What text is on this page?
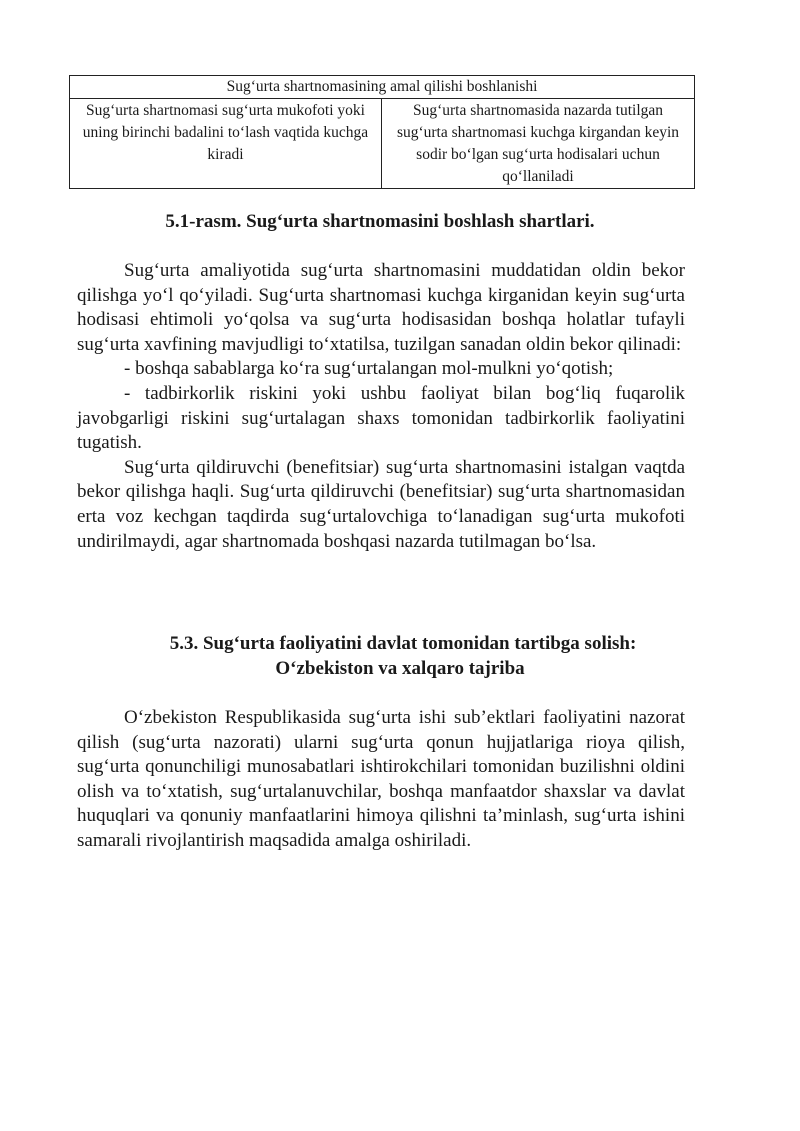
Sug‘urta shartnomasining amal qilishi boshlanishi
Sug‘urta shartnomasi sug‘urta mukofoti yoki uning birinchi badalini to‘lash vaqtida kuchga kiradi	Sug‘urta shartnomasida nazarda tutilgan sug‘urta shartnomasi kuchga kirgandan keyin sodir bo‘lgan sug‘urta hodisalari uchun qo‘llaniladi
5.1-rasm. Sug‘urta shartnomasini boshlash shartlari.

Sug‘urta amaliyotida sug‘urta shartnomasini muddatidan oldin bekor qilishga yo‘l qo‘yiladi. Sug‘urta shartnomasi kuchga kirganidan keyin sug‘urta hodisasi ehtimoli yo‘qolsa va sug‘urta hodisasidan boshqa holatlar tufayli sug‘urta xavfining mavjudligi to‘xtatilsa, tuzilgan sanadan oldin bekor qilinadi:

- boshqa sabablarga ko‘ra sug‘urtalangan mol-mulkni yo‘qotish;

- tadbirkorlik riskini yoki ushbu faoliyat bilan bog‘liq fuqarolik javobgarligi riskini sug‘urtalagan shaxs tomonidan tadbirkorlik faoliyatini tugatish.

Sug‘urta qildiruvchi (benefitsiar) sug‘urta shartnomasini istalgan vaqtda bekor qilishga haqli. Sug‘urta qildiruvchi (benefitsiar) sug‘urta shartnomasidan erta voz kechgan taqdirda sug‘urtalovchiga to‘lanadigan sug‘urta mukofoti undirilmaydi, agar shartnomada boshqasi nazarda tutilmagan bo‘lsa.

5.3. Sug‘urta faoliyatini davlat tomonidan tartibga solish:
O‘zbekiston va xalqaro tajriba

O‘zbekiston Respublikasida sug‘urta ishi sub’ektlari faoliyatini nazorat qilish (sug‘urta nazorati) ularni sug‘urta qonun hujjatlariga rioya qilish, sug‘urta qonunchiligi munosabatlari ishtirokchilari tomonidan buzilishni oldini olish va to‘xtatish, sug‘urtalanuvchilar, boshqa manfaatdor shaxslar va davlat huquqlari va qonuniy manfaatlarini himoya qilishni ta’minlash, sug‘urta ishini samarali rivojlantirish maqsadida amalga oshiriladi.
